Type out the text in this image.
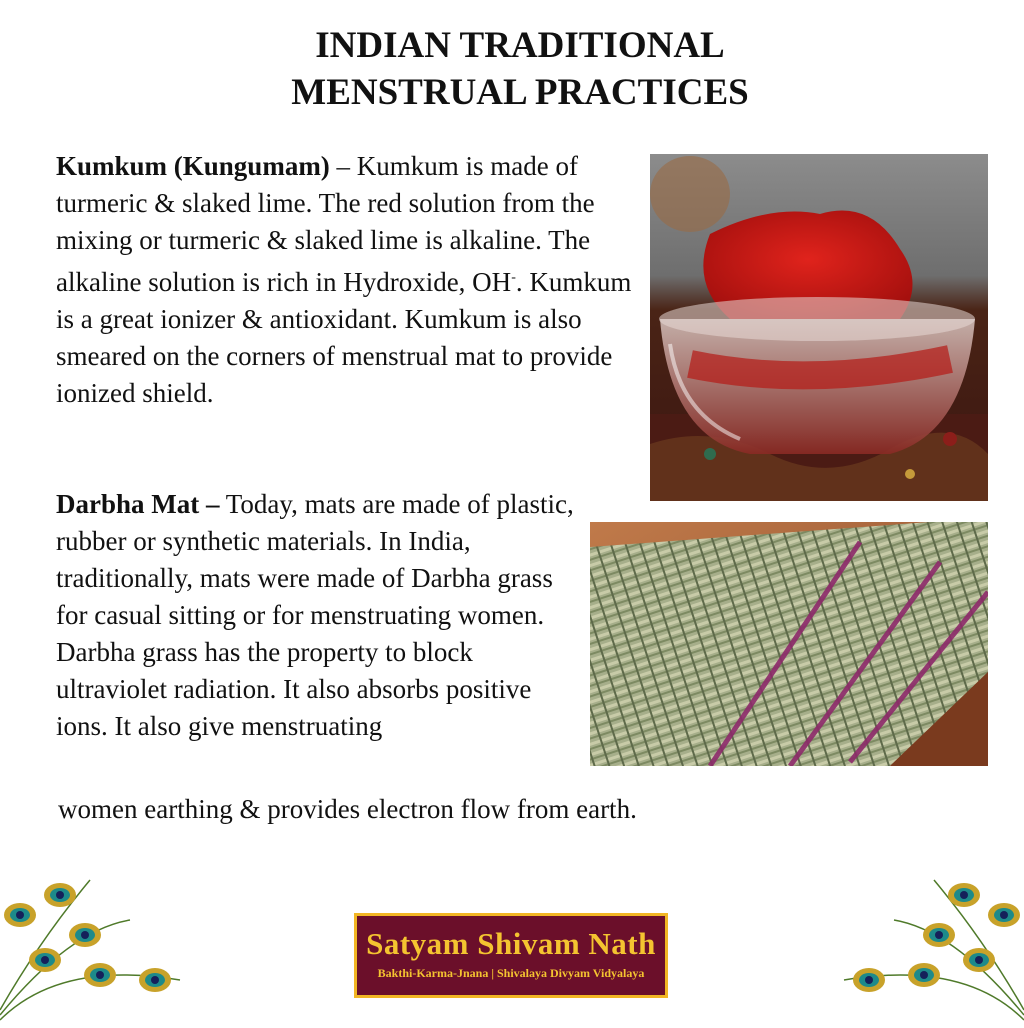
INDIAN TRADITIONAL
MENSTRUAL PRACTICES
Kumkum (Kungumam) – Kumkum is made of turmeric & slaked lime. The red solution from the mixing or turmeric & slaked lime is alkaline. The alkaline solution is rich in Hydroxide, OH-. Kumkum is a great ionizer & antioxidant. Kumkum is also smeared on the corners of menstrual mat to provide ionized shield.
Darbha Mat – Today, mats are made of plastic, rubber or synthetic materials. In India, traditionally, mats were made of Darbha grass for casual sitting or for menstruating women. Darbha grass has the property to block ultraviolet radiation. It also absorbs positive ions. It also give menstruating
women earthing & provides electron flow from earth.
Satyam Shivam Nath
Bakthi-Karma-Jnana | Shivalaya Divyam Vidyalaya
